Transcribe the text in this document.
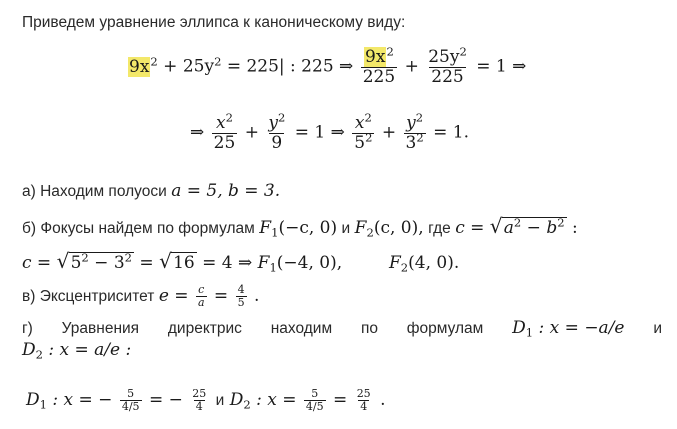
Приведем уравнение эллипса к каноническому виду:
$9x^2 + 25y^2 = 225|$ : 225 ⇒ $\frac{9x^2}{225} + \frac{25y^2}{225} = 1$ ⇒
⇒ $\frac{x^2}{25} + \frac{y^2}{9} = 1$ ⇒ $\frac{x^2}{5^2} + \frac{y^2}{3^2} = 1$.
а) Находим полуоси a = 5, b = 3.
б) Фокусы найдем по формулам $F_1(-c$, 0) и $F_2(c$, 0), где c = √ $a^2 - b^2$ :
c = √ $5^2 - 3^2$ = √ 16 = 4 ⇒ $F_1(-4$, 0),	$F_2(4$, 0).
в) Эксцентриситет $e = \frac{c}{a} = \frac{4}{5}$ .
г) Уравнения директрис находим по формулам $D_1$ : x = −a/e и
$D_2$ : x = a/e :
$D_1$ : x = − $\frac{5}{4/5}$ = − $\frac{25}{4}$ и $D_2$ : $x = \frac{5}{4/5} = \frac{25}{4}$ .
